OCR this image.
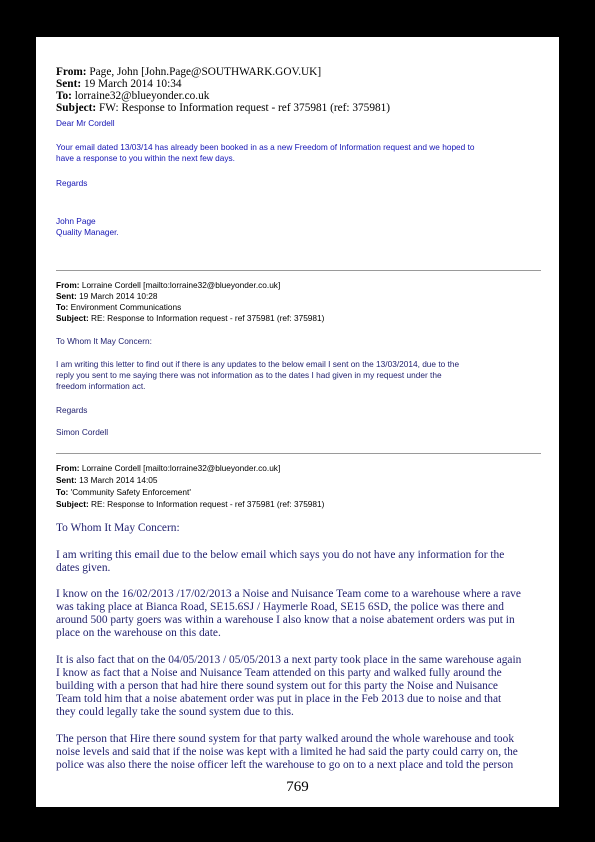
From: Page, John [John.Page@SOUTHWARK.GOV.UK]
Sent: 19 March 2014 10:34
To: lorraine32@blueyonder.co.uk
Subject: FW: Response to Information request - ref 375981 (ref: 375981)
Dear Mr Cordell
Your email dated 13/03/14 has already been booked in as a new Freedom of Information request and we hoped to
have a response to you within the next few days.
Regards
John Page
Quality Manager.
From: Lorraine Cordell [mailto:lorraine32@blueyonder.co.uk]
Sent: 19 March 2014 10:28
To: Environment Communications
Subject: RE: Response to Information request - ref 375981 (ref: 375981)
To Whom It May Concern:
I am writing this letter to find out if there is any updates to the below email I sent on the 13/03/2014, due to the
reply you sent to me saying there was not information as to the dates I had given in my request under the
freedom information act.
Regards
Simon Cordell
From: Lorraine Cordell [mailto:lorraine32@blueyonder.co.uk]
Sent: 13 March 2014 14:05
To: 'Community Safety Enforcement'
Subject: RE: Response to Information request - ref 375981 (ref: 375981)
To Whom It May Concern:
I am writing this email due to the below email which says you do not have any information for the
dates given.
I know on the 16/02/2013 /17/02/2013 a Noise and Nuisance Team come to a warehouse where a rave
was taking place at Bianca Road, SE15.6SJ / Haymerle Road, SE15 6SD, the police was there and
around 500 party goers was within a warehouse I also know that a noise abatement orders was put in
place on the warehouse on this date.
It is also fact that on the 04/05/2013 / 05/05/2013 a next party took place in the same warehouse again
I know as fact that a Noise and Nuisance Team attended on this party and walked fully around the
building with a person that had hire there sound system out for this party the Noise and Nuisance
Team told him that a noise abatement order was put in place in the Feb 2013 due to noise and that
they could legally take the sound system due to this.
The person that Hire there sound system for that party walked around the whole warehouse and took
noise levels and said that if the noise was kept with a limited he had said the party could carry on, the
police was also there the noise officer left the warehouse to go on to a next place and told the person
769
